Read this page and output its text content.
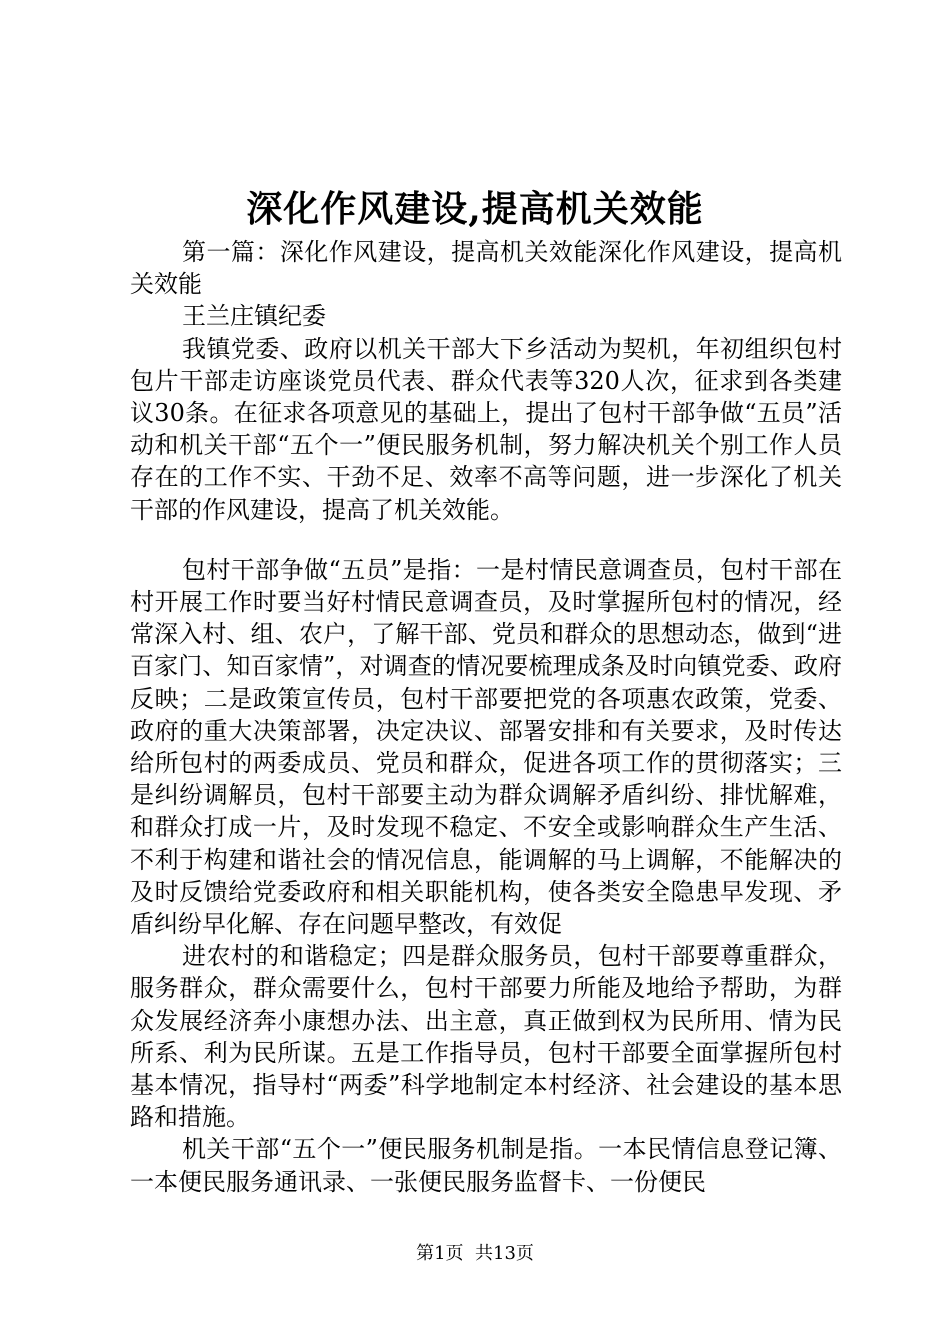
深化作风建设,提高机关效能

第一篇：深化作风建设，提高机关效能深化作风建设，提高机关效能

王兰庄镇纪委

我镇党委、政府以机关干部大下乡活动为契机，年初组织包村包片干部走访座谈党员代表、群众代表等320人次，征求到各类建议30条。在征求各项意见的基础上，提出了包村干部争做“五员”活动和机关干部“五个一”便民服务机制，努力解决机关个别工作人员存在的工作不实、干劲不足、效率不高等问题，进一步深化了机关干部的作风建设，提高了机关效能。

包村干部争做“五员”是指：一是村情民意调查员，包村干部在村开展工作时要当好村情民意调查员，及时掌握所包村的情况，经常深入村、组、农户，了解干部、党员和群众的思想动态，做到“进百家门、知百家情”，对调查的情况要梳理成条及时向镇党委、政府反映；二是政策宣传员，包村干部要把党的各项惠农政策，党委、政府的重大决策部署，决定决议、部署安排和有关要求，及时传达给所包村的两委成员、党员和群众，促进各项工作的贯彻落实；三是纠纷调解员，包村干部要主动为群众调解矛盾纠纷、排忧解难，和群众打成一片，及时发现不稳定、不安全或影响群众生产生活、不利于构建和谐社会的情况信息，能调解的马上调解，不能解决的及时反馈给党委政府和相关职能机构，使各类安全隐患早发现、矛盾纠纷早化解、存在问题早整改，有效促

进农村的和谐稳定；四是群众服务员，包村干部要尊重群众，服务群众，群众需要什么，包村干部要力所能及地给予帮助，为群众发展经济奔小康想办法、出主意，真正做到权为民所用、情为民所系、利为民所谋。五是工作指导员，包村干部要全面掌握所包村基本情况，指导村“两委”科学地制定本村经济、社会建设的基本思路和措施。

机关干部“五个一”便民服务机制是指。一本民情信息登记簿、一本便民服务通讯录、一张便民服务监督卡、一份便民

第1页 共13页
